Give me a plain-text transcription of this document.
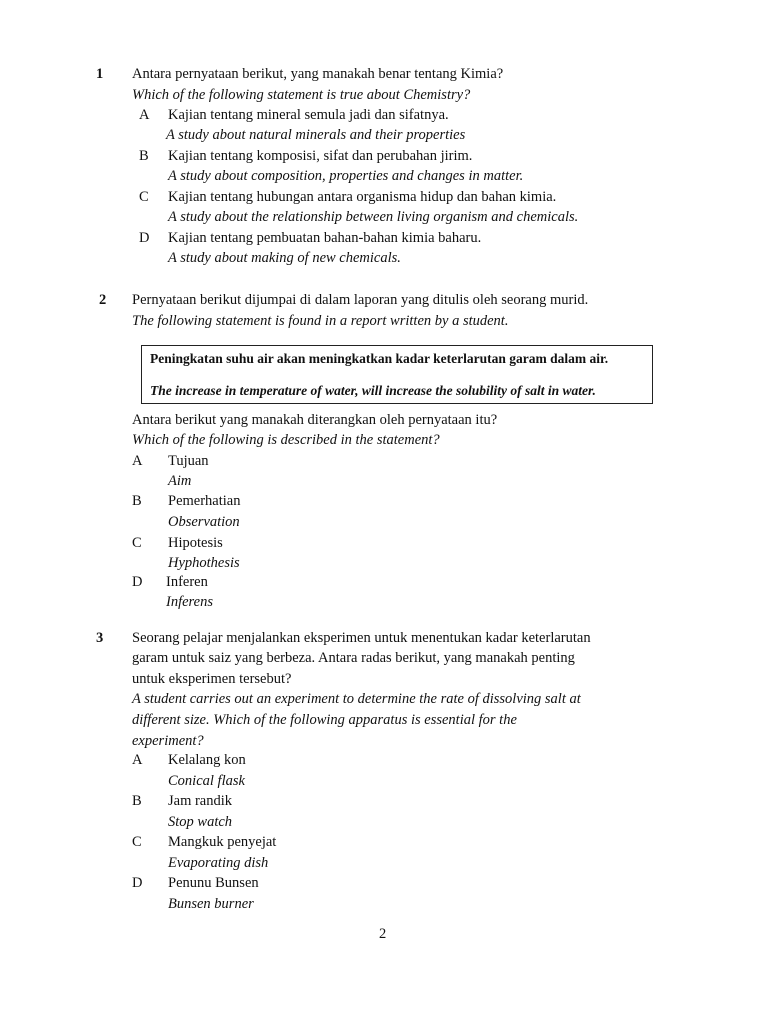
1 Antara pernyataan berikut, yang manakah benar tentang Kimia?
Which of the following statement is true about Chemistry?
A Kajian tentang mineral semula jadi dan sifatnya.
A study about natural minerals and their properties
B Kajian tentang komposisi, sifat dan perubahan jirim.
A study about composition, properties and changes in matter.
C Kajian tentang hubungan antara organisma hidup dan bahan kimia.
A study about the relationship between living organism and chemicals.
D Kajian tentang pembuatan bahan-bahan kimia baharu.
A study about making of new chemicals.
2 Pernyataan berikut dijumpai di dalam laporan yang ditulis oleh seorang murid.
The following statement is found in a report written by a student.
Peningkatan suhu air akan meningkatkan kadar keterlarutan garam dalam air.
The increase in temperature of water, will increase the solubility of salt in water.
Antara berikut yang manakah diterangkan oleh pernyataan itu?
Which of the following is described in the statement?
A Tujuan
Aim
B Pemerhatian
Observation
C Hipotesis
Hyphothesis
D Inferen
Inferens
3 Seorang pelajar menjalankan eksperimen untuk menentukan kadar keterlarutan
garam untuk saiz yang berbeza. Antara radas berikut, yang manakah penting
untuk eksperimen tersebut?
A student carries out an experiment to determine the rate of dissolving salt at
different size. Which of the following apparatus is essential for the
experiment?
A Kelalang kon
Conical flask
B Jam randik
Stop watch
C Mangkuk penyejat
Evaporating dish
D Penunu Bunsen
Bunsen burner
2
